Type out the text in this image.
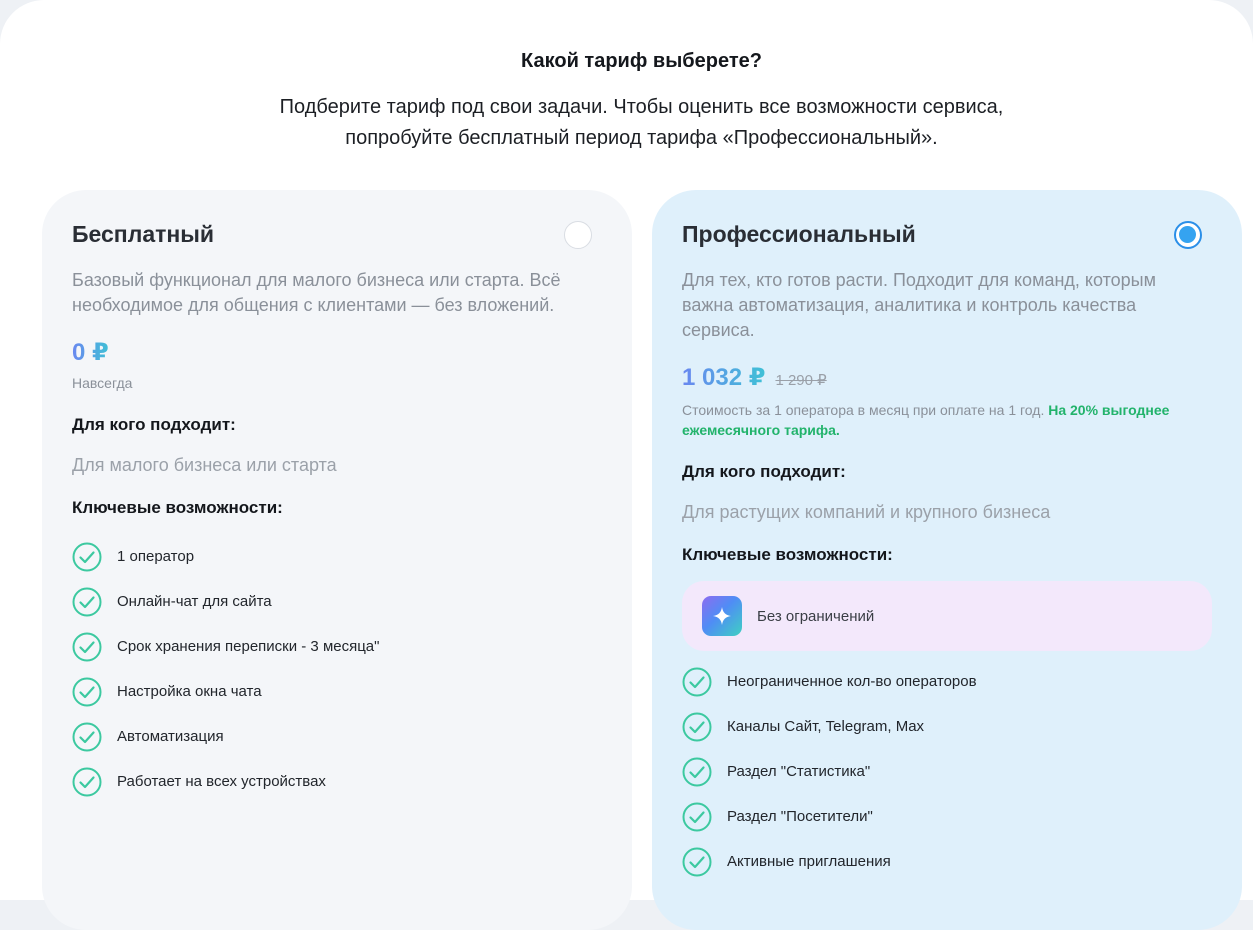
Какой тариф выберете?

Подберите тариф под свои задачи. Чтобы оценить все возможности сервиса,
попробуйте бесплатный период тарифа «Профессиональный».

Бесплатный
Базовый функционал для малого бизнеса или старта. Всё необходимое для общения с клиентами — без вложений.
0 ₽
Навсегда
Для кого подходит:
Для малого бизнеса или старта
Ключевые возможности:
1 оператор
Онлайн-чат для сайта
Срок хранения переписки - 3 месяца"
Настройка окна чата
Автоматизация
Работает на всех устройствах
Профессиональный
Для тех, кто готов расти. Подходит для команд, которым важна автоматизация, аналитика и контроль качества сервиса.
1 032 ₽ 1 290 ₽
Стоимость за 1 оператора в месяц при оплате на 1 год. На 20% выгоднее ежемесячного тарифа.
Для кого подходит:
Для растущих компаний и крупного бизнеса
Ключевые возможности:
Без ограничений
Неограниченное кол-во операторов
Каналы Сайт, Telegram, Max
Раздел "Статистика"
Раздел "Посетители"
Активные приглашения
